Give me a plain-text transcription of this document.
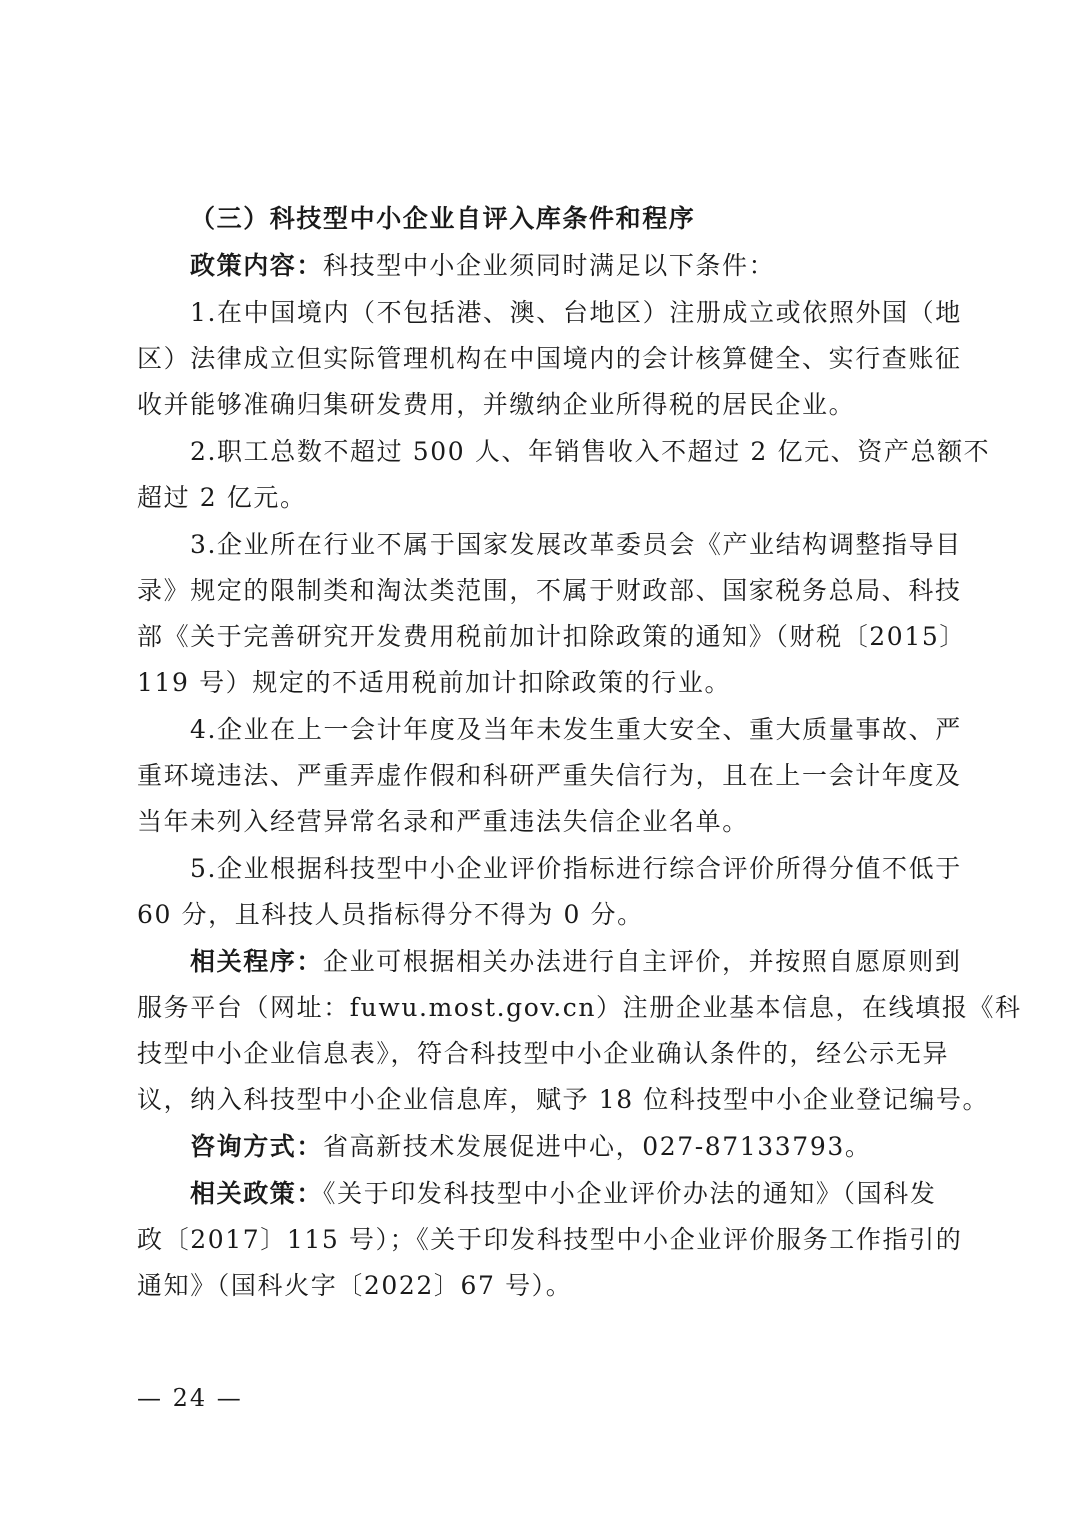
（三）科技型中小企业自评入库条件和程序
政策内容：科技型中小企业须同时满足以下条件：
1.在中国境内（不包括港、澳、台地区）注册成立或依照外国（地
区）法律成立但实际管理机构在中国境内的会计核算健全、实行查账征
收并能够准确归集研发费用，并缴纳企业所得税的居民企业。
2.职工总数不超过 500 人、年销售收入不超过 2 亿元、资产总额不
超过 2 亿元。
3.企业所在行业不属于国家发展改革委员会《产业结构调整指导目
录》规定的限制类和淘汰类范围，不属于财政部、国家税务总局、科技
部《关于完善研究开发费用税前加计扣除政策的通知》（财税〔2015〕
119 号）规定的不适用税前加计扣除政策的行业。
4.企业在上一会计年度及当年未发生重大安全、重大质量事故、严
重环境违法、严重弄虚作假和科研严重失信行为，且在上一会计年度及
当年未列入经营异常名录和严重违法失信企业名单。
5.企业根据科技型中小企业评价指标进行综合评价所得分值不低于
60 分，且科技人员指标得分不得为 0 分。
相关程序：企业可根据相关办法进行自主评价，并按照自愿原则到
服务平台（网址：fuwu.most.gov.cn）注册企业基本信息，在线填报《科
技型中小企业信息表》，符合科技型中小企业确认条件的，经公示无异
议，纳入科技型中小企业信息库，赋予 18 位科技型中小企业登记编号。
咨询方式：省高新技术发展促进中心，027-87133793。
相关政策：《关于印发科技型中小企业评价办法的通知》（国科发
政〔2017〕115 号）；《关于印发科技型中小企业评价服务工作指引的
通知》（国科火字〔2022〕67 号）。
— 24 —
